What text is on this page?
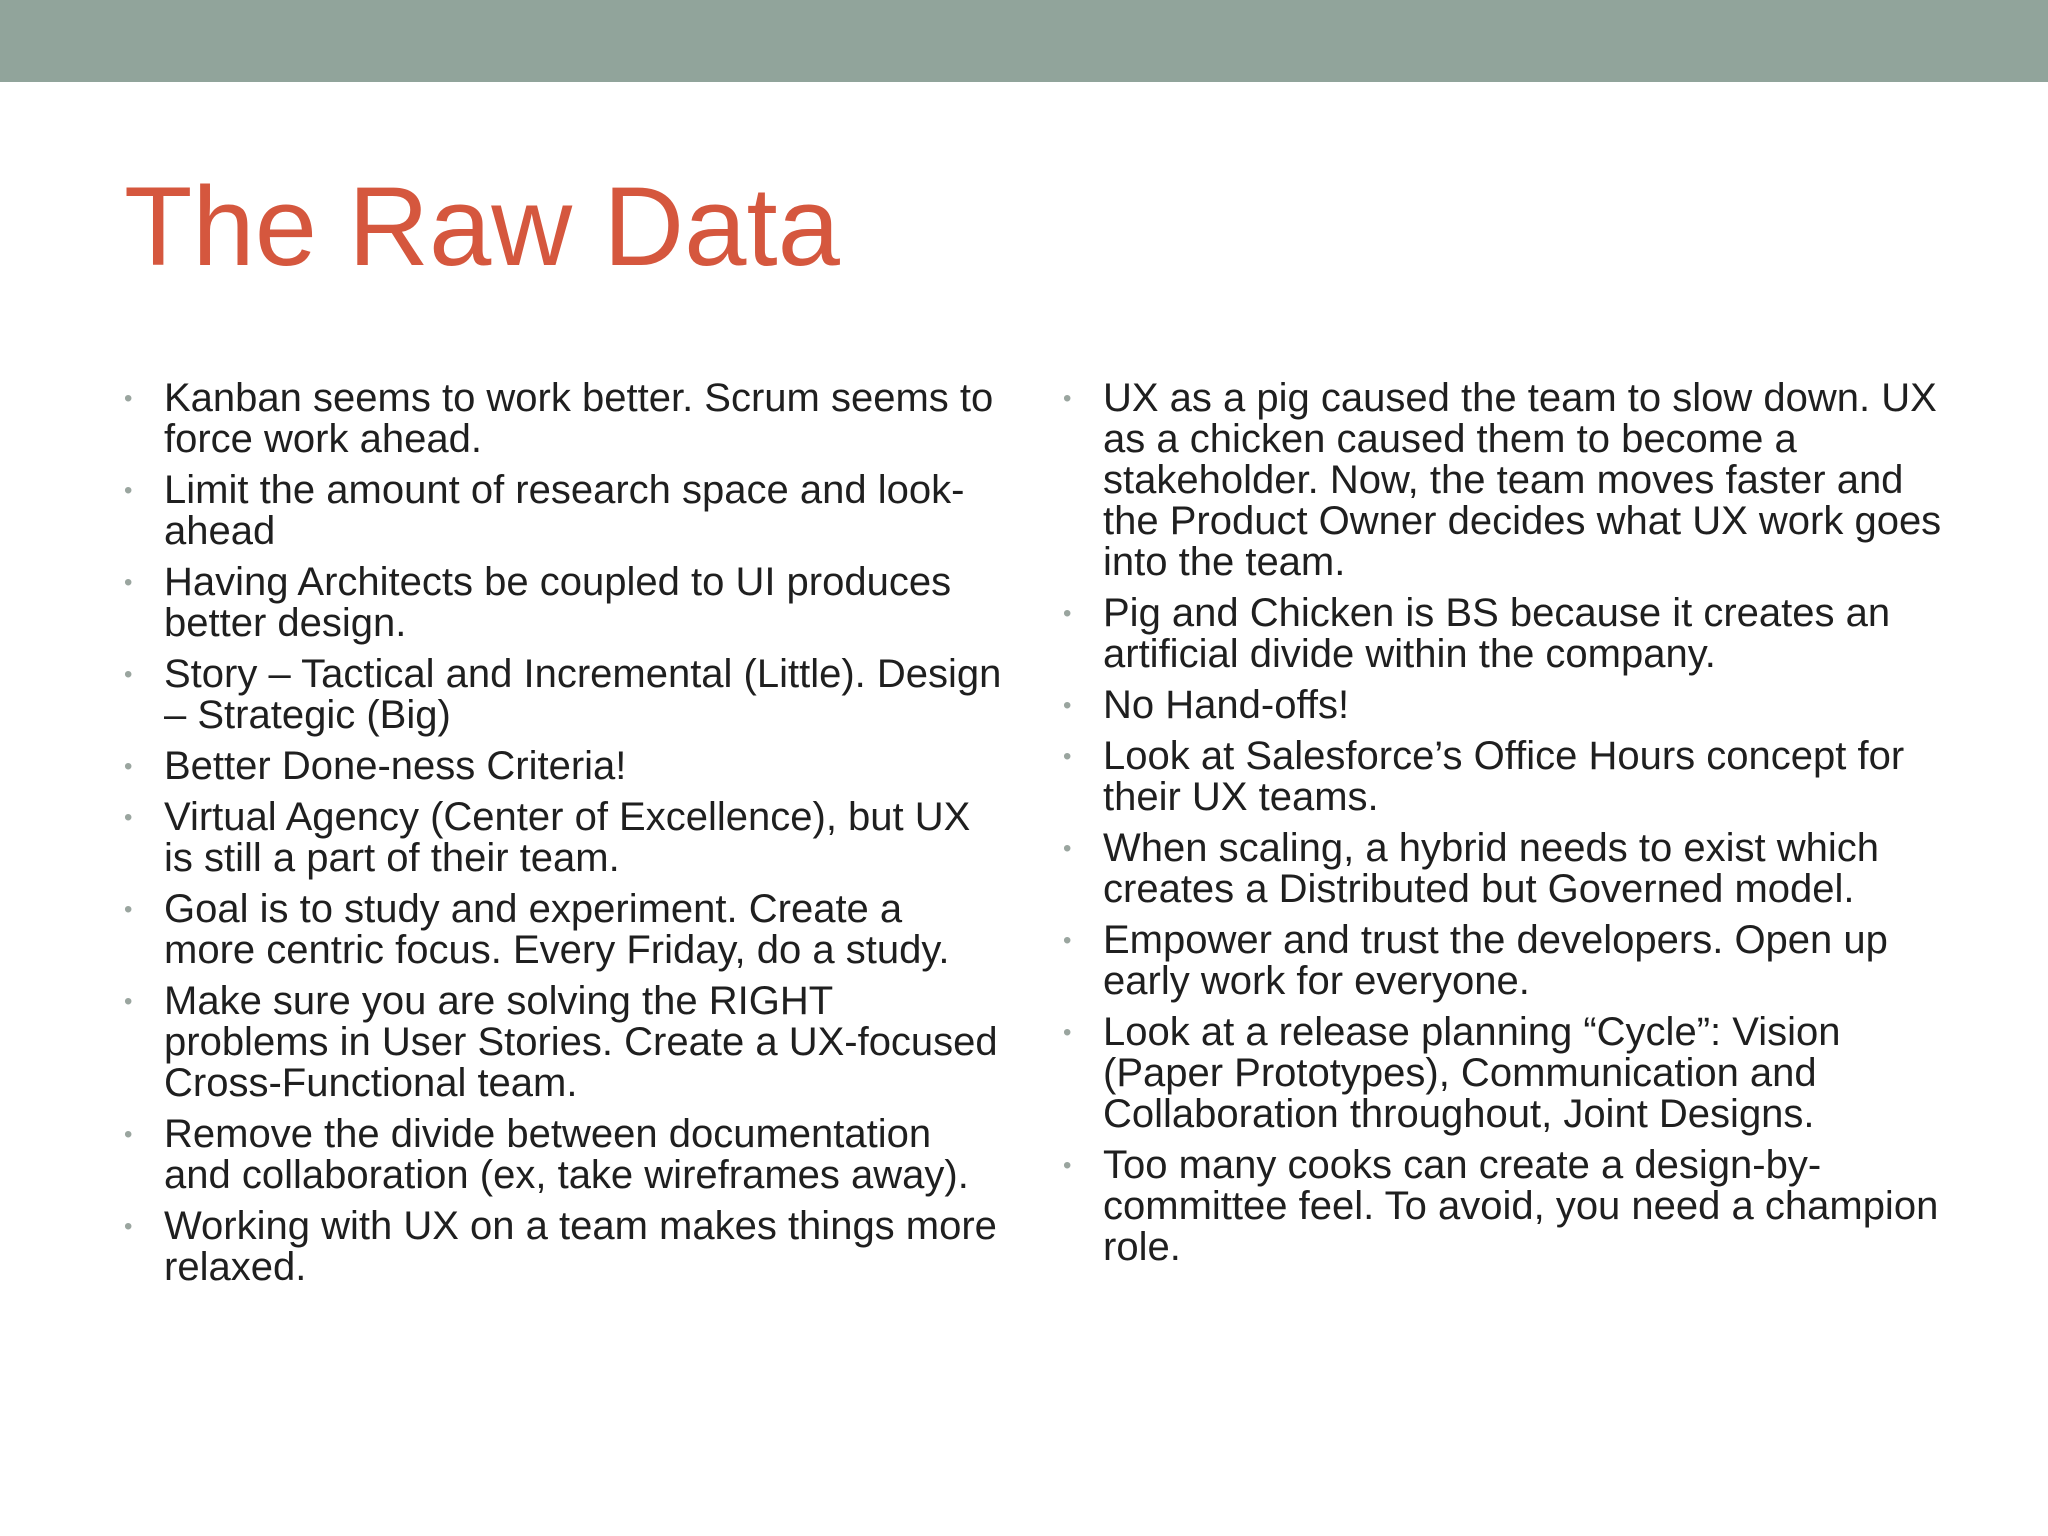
The Raw Data
• Kanban seems to work better. Scrum seems to force work ahead.
• Limit the amount of research space and look-ahead
• Having Architects be coupled to UI produces better design.
• Story – Tactical and Incremental (Little). Design – Strategic (Big)
• Better Done-ness Criteria!
• Virtual Agency (Center of Excellence), but UX is still a part of their team.
• Goal is to study and experiment. Create a more centric focus. Every Friday, do a study.
• Make sure you are solving the RIGHT problems in User Stories. Create a UX-focused Cross-Functional team.
• Remove the divide between documentation and collaboration (ex, take wireframes away).
• Working with UX on a team makes things more relaxed.
• UX as a pig caused the team to slow down. UX as a chicken caused them to become a stakeholder. Now, the team moves faster and the Product Owner decides what UX work goes into the team.
• Pig and Chicken is BS because it creates an artificial divide within the company.
• No Hand-offs!
• Look at Salesforce’s Office Hours concept for their UX teams.
• When scaling, a hybrid needs to exist which creates a Distributed but Governed model.
• Empower and trust the developers. Open up early work for everyone.
• Look at a release planning “Cycle”: Vision (Paper Prototypes), Communication and Collaboration throughout, Joint Designs.
• Too many cooks can create a design-by-committee feel. To avoid, you need a champion role.
